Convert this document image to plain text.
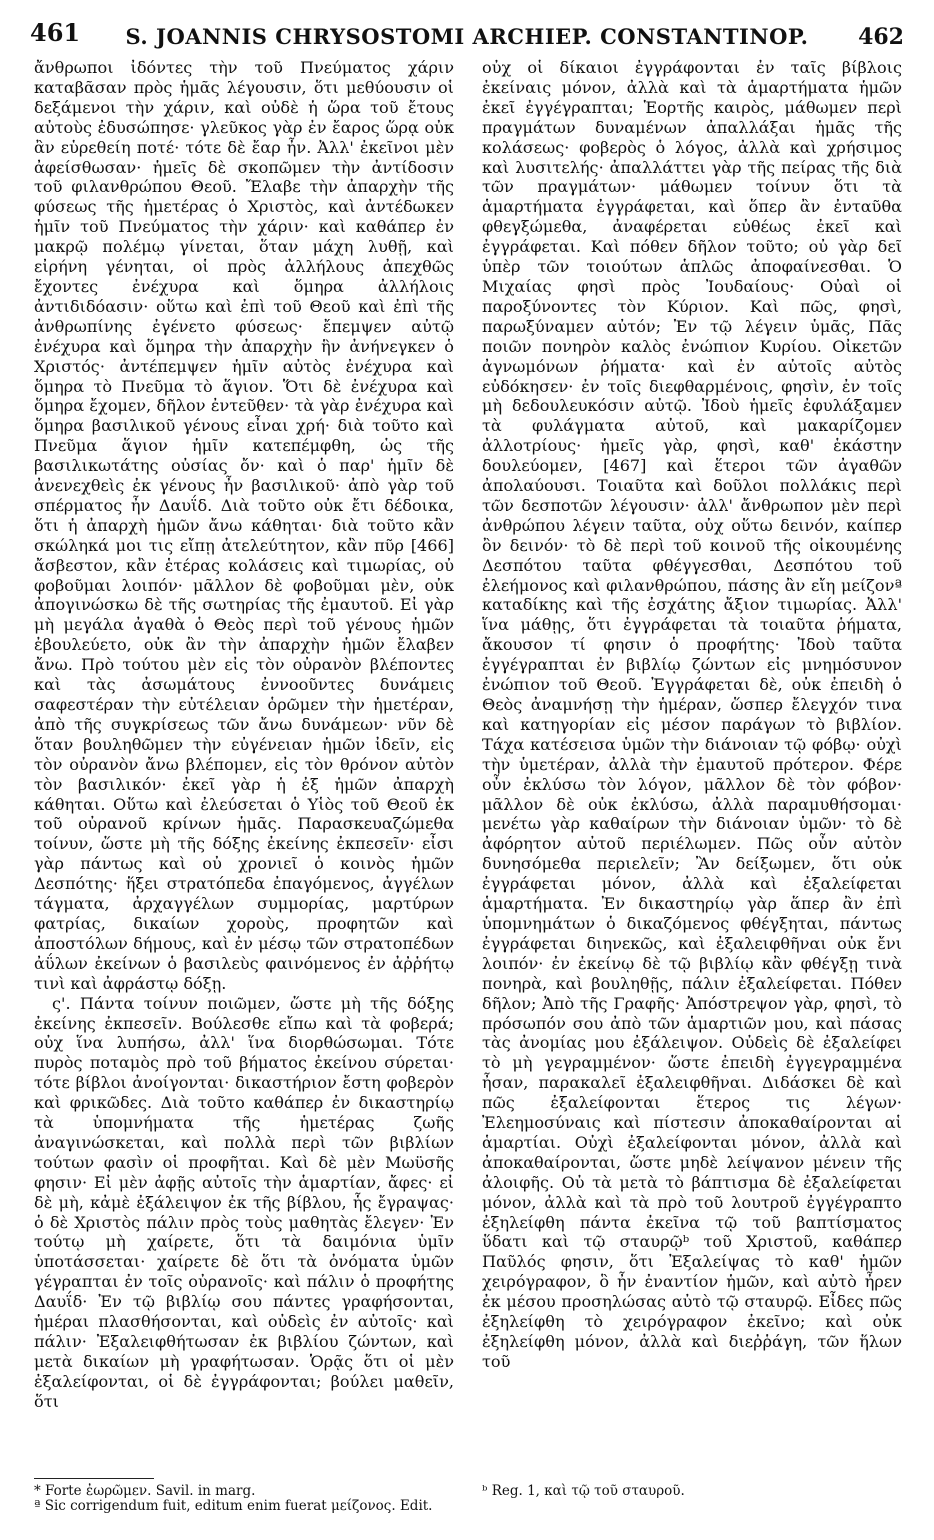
461	S. JOANNIS CHRYSOSTOMI ARCHIEP. CONSTANTINOP.	462

ἄνθρωποι ἰδόντες τὴν τοῦ Πνεύματος χάριν καταβᾶσαν πρὸς ἡμᾶς λέγουσιν, ὅτι μεθύουσιν οἱ δεξάμενοι τὴν χάριν, καὶ οὐδὲ ἡ ὥρα τοῦ ἔτους αὐτοὺς ἐδυσώπησε· γλεῦκος γὰρ ἐν ἔαρος ὥρᾳ οὐκ ἂν εὑρεθείη ποτέ· τότε δὲ ἔαρ ἦν. Ἀλλ' ἐκεῖνοι μὲν ἀφείσθωσαν· ἡμεῖς δὲ σκοπῶμεν τὴν ἀντίδοσιν τοῦ φιλανθρώπου Θεοῦ. Ἔλαβε τὴν ἀπαρχὴν τῆς φύσεως τῆς ἡμετέρας ὁ Χριστὸς, καὶ ἀντέδωκεν ἡμῖν τοῦ Πνεύματος τὴν χάριν· καὶ καθάπερ ἐν μακρῷ πολέμῳ γίνεται, ὅταν μάχη λυθῇ, καὶ εἰρήνη γένηται, οἱ πρὸς ἀλλήλους ἀπεχθῶς ἔχοντες ἐνέχυρα καὶ ὅμηρα ἀλλήλοις ἀντιδιδόασιν· οὕτω καὶ ἐπὶ τοῦ Θεοῦ καὶ ἐπὶ τῆς ἀνθρωπίνης ἐγένετο φύσεως· ἔπεμψεν αὐτῷ ἐνέχυρα καὶ ὅμηρα τὴν ἀπαρχὴν ἣν ἀνήνεγκεν ὁ Χριστός· ἀντέπεμψεν ἡμῖν αὐτὸς ἐνέχυρα καὶ ὅμηρα τὸ Πνεῦμα τὸ ἅγιον. Ὅτι δὲ ἐνέχυρα καὶ ὅμηρα ἔχομεν, δῆλον ἐντεῦθεν· τὰ γὰρ ἐνέχυρα καὶ ὅμηρα βασιλικοῦ γένους εἶναι χρή· διὰ τοῦτο καὶ Πνεῦμα ἅγιον ἡμῖν κατεπέμφθη, ὡς τῆς βασιλικωτάτης οὐσίας ὄν· καὶ ὁ παρ' ἡμῖν δὲ ἀνενεχθεὶς ἐκ γένους ἦν βασιλικοῦ· ἀπὸ γὰρ τοῦ σπέρματος ἦν Δαυΐδ. Διὰ τοῦτο οὐκ ἔτι δέδοικα, ὅτι ἡ ἀπαρχὴ ἡμῶν ἄνω κάθηται· διὰ τοῦτο κἂν σκώληκά μοι τις εἴπῃ ἀτελεύτητον, κἂν πῦρ [466] ἄσβεστον, κἂν ἑτέρας κολάσεις καὶ τιμωρίας, οὐ φοβοῦμαι λοιπόν· μᾶλλον δὲ φοβοῦμαι μὲν, οὐκ ἀπογινώσκω δὲ τῆς σωτηρίας τῆς ἐμαυτοῦ. Εἰ γὰρ μὴ μεγάλα ἀγαθὰ ὁ Θεὸς περὶ τοῦ γένους ἡμῶν ἐβουλεύετο, οὐκ ἂν τὴν ἀπαρχὴν ἡμῶν ἔλαβεν ἄνω. Πρὸ τούτου μὲν εἰς τὸν οὐρανὸν βλέποντες καὶ τὰς ἀσωμάτους ἐννοοῦντες δυνάμεις σαφεστέραν τὴν εὐτέλειαν ὁρῶμεν τὴν ἡμετέραν, ἀπὸ τῆς συγκρίσεως τῶν ἄνω δυνάμεων· νῦν δὲ ὅταν βουληθῶμεν τὴν εὐγένειαν ἡμῶν ἰδεῖν, εἰς τὸν οὐρανὸν ἄνω βλέπομεν, εἰς τὸν θρόνον αὐτὸν τὸν βασιλικόν· ἐκεῖ γὰρ ἡ ἐξ ἡμῶν ἀπαρχὴ κάθηται. Οὕτω καὶ ἐλεύσεται ὁ Υἱὸς τοῦ Θεοῦ ἐκ τοῦ οὐρανοῦ κρίνων ἡμᾶς. Παρασκευαζώμεθα τοίνυν, ὥστε μὴ τῆς δόξης ἐκείνης ἐκπεσεῖν· εἶσι γὰρ πάντως καὶ οὐ χρονιεῖ ὁ κοινὸς ἡμῶν Δεσπότης· ἥξει στρατόπεδα ἐπαγόμενος, ἀγγέλων τάγματα, ἀρχαγγέλων συμμορίας, μαρτύρων φατρίας, δικαίων χοροὺς, προφητῶν καὶ ἀποστόλων δήμους, καὶ ἐν μέσῳ τῶν στρατοπέδων ἀΰλων ἐκείνων ὁ βασιλεὺς φαινόμενος ἐν ἀῤῥήτῳ τινὶ καὶ ἀφράστῳ δόξῃ.

ς'. Πάντα τοίνυν ποιῶμεν, ὥστε μὴ τῆς δόξης ἐκείνης ἐκπεσεῖν. Βούλεσθε εἴπω καὶ τὰ φοβερά; οὐχ ἵνα λυπήσω, ἀλλ' ἵνα διορθώσωμαι. Τότε πυρὸς ποταμὸς πρὸ τοῦ βήματος ἐκείνου σύρεται· τότε βίβλοι ἀνοίγονται· δικαστήριον ἔστη φοβερὸν καὶ φρικῶδες. Διὰ τοῦτο καθάπερ ἐν δικαστηρίῳ τὰ ὑπομνήματα τῆς ἡμετέρας ζωῆς ἀναγινώσκεται, καὶ πολλὰ περὶ τῶν βιβλίων τούτων φασὶν οἱ προφῆται. Καὶ δὲ μὲν Μωϋσῆς φησιν· Εἰ μὲν ἀφῇς αὐτοῖς τὴν ἁμαρτίαν, ἄφες· εἰ δὲ μὴ, κἀμὲ ἐξάλειψον ἐκ τῆς βίβλου, ἧς ἔγραψας· ὁ δὲ Χριστὸς πάλιν πρὸς τοὺς μαθητὰς ἔλεγεν· Ἐν τούτῳ μὴ χαίρετε, ὅτι τὰ δαιμόνια ὑμῖν ὑποτάσσεται· χαίρετε δὲ ὅτι τὰ ὀνόματα ὑμῶν γέγραπται ἐν τοῖς οὐρανοῖς· καὶ πάλιν ὁ προφήτης Δαυΐδ· Ἐν τῷ βιβλίῳ σου πάντες γραφήσονται, ἡμέραι πλασθήσονται, καὶ οὐδεὶς ἐν αὐτοῖς· καὶ πάλιν· Ἐξαλειφθήτωσαν ἐκ βιβλίου ζώντων, καὶ μετὰ δικαίων μὴ γραφήτωσαν. Ὁρᾷς ὅτι οἱ μὲν ἐξαλείφονται, οἱ δὲ ἐγγράφονται; βούλει μαθεῖν, ὅτι

οὐχ οἱ δίκαιοι ἐγγράφονται ἐν ταῖς βίβλοις ἐκείναις μόνον, ἀλλὰ καὶ τὰ ἁμαρτήματα ἡμῶν ἐκεῖ ἐγγέγραπται; Ἑορτῆς καιρὸς, μάθωμεν περὶ πραγμάτων δυναμένων ἀπαλλάξαι ἡμᾶς τῆς κολάσεως· φοβερὸς ὁ λόγος, ἀλλὰ καὶ χρήσιμος καὶ λυσιτελής· ἀπαλλάττει γὰρ τῆς πείρας τῆς διὰ τῶν πραγμάτων· μάθωμεν τοίνυν ὅτι τὰ ἁμαρτήματα ἐγγράφεται, καὶ ὅπερ ἂν ἐνταῦθα φθεγξώμεθα, ἀναφέρεται εὐθέως ἐκεῖ καὶ ἐγγράφεται. Καὶ πόθεν δῆλον τοῦτο; οὐ γὰρ δεῖ ὑπὲρ τῶν τοιούτων ἁπλῶς ἀποφαίνεσθαι. Ὁ Μιχαίας φησὶ πρὸς Ἰουδαίους· Οὐαὶ οἱ παροξύνοντες τὸν Κύριον. Καὶ πῶς, φησὶ, παρωξύναμεν αὐτόν; Ἐν τῷ λέγειν ὑμᾶς, Πᾶς ποιῶν πονηρὸν καλὸς ἐνώπιον Κυρίου. Οἰκετῶν ἀγνωμόνων ῥήματα· καὶ ἐν αὐτοῖς αὐτὸς εὐδόκησεν· ἐν τοῖς διεφθαρμένοις, φησὶν, ἐν τοῖς μὴ δεδουλευκόσιν αὐτῷ. Ἰδοὺ ἡμεῖς ἐφυλάξαμεν τὰ φυλάγματα αὐτοῦ, καὶ μακαρίζομεν ἀλλοτρίους· ἡμεῖς γὰρ, φησὶ, καθ' ἑκάστην δουλεύομεν, [467] καὶ ἕτεροι τῶν ἀγαθῶν ἀπολαύουσι. Τοιαῦτα καὶ δοῦλοι πολλάκις περὶ τῶν δεσποτῶν λέγουσιν· ἀλλ' ἄνθρωπον μὲν περὶ ἀνθρώπου λέγειν ταῦτα, οὐχ οὕτω δεινόν, καίπερ ὂν δεινόν· τὸ δὲ περὶ τοῦ κοινοῦ τῆς οἰκουμένης Δεσπότου ταῦτα φθέγγεσθαι, Δεσπότου τοῦ ἐλεήμονος καὶ φιλανθρώπου, πάσης ἂν εἴη μείζονª καταδίκης καὶ τῆς ἐσχάτης ἄξιον τιμωρίας. Ἀλλ' ἵνα μάθῃς, ὅτι ἐγγράφεται τὰ τοιαῦτα ῥήματα, ἄκουσον τί φησιν ὁ προφήτης· Ἰδοὺ ταῦτα ἐγγέγραπται ἐν βιβλίῳ ζώντων εἰς μνημόσυνον ἐνώπιον τοῦ Θεοῦ. Ἐγγράφεται δὲ, οὐκ ἐπειδὴ ὁ Θεὸς ἀναμνήσῃ τὴν ἡμέραν, ὥσπερ ἔλεγχόν τινα καὶ κατηγορίαν εἰς μέσον παράγων τὸ βιβλίον. Τάχα κατέσεισα ὑμῶν τὴν διάνοιαν τῷ φόβῳ· οὐχὶ τὴν ὑμετέραν, ἀλλὰ τὴν ἐμαυτοῦ πρότερον. Φέρε οὖν ἐκλύσω τὸν λόγον, μᾶλλον δὲ τὸν φόβον· μᾶλλον δὲ οὐκ ἐκλύσω, ἀλλὰ παραμυθήσομαι· μενέτω γὰρ καθαίρων τὴν διάνοιαν ὑμῶν· τὸ δὲ ἀφόρητον αὐτοῦ περιέλωμεν. Πῶς οὖν αὐτὸν δυνησόμεθα περιελεῖν; Ἂν δείξωμεν, ὅτι οὐκ ἐγγράφεται μόνον, ἀλλὰ καὶ ἐξαλείφεται ἁμαρτήματα. Ἐν δικαστηρίῳ γὰρ ἅπερ ἂν ἐπὶ ὑπομνημάτων ὁ δικαζόμενος φθέγξηται, πάντως ἐγγράφεται διηνεκῶς, καὶ ἐξαλειφθῆναι οὐκ ἔνι λοιπόν· ἐν ἐκείνῳ δὲ τῷ βιβλίῳ κἂν φθέγξῃ τινὰ πονηρὰ, καὶ βουληθῇς, πάλιν ἐξαλείφεται. Πόθεν δῆλον; Ἀπὸ τῆς Γραφῆς· Ἀπόστρεψον γὰρ, φησὶ, τὸ πρόσωπόν σου ἀπὸ τῶν ἁμαρτιῶν μου, καὶ πάσας τὰς ἀνομίας μου ἐξάλειψον. Οὐδεὶς δὲ ἐξαλείφει τὸ μὴ γεγραμμένον· ὥστε ἐπειδὴ ἐγγεγραμμένα ἦσαν, παρακαλεῖ ἐξαλειφθῆναι. Διδάσκει δὲ καὶ πῶς ἐξαλείφονται ἕτερος τις λέγων· Ἐλεημοσύναις καὶ πίστεσιν ἀποκαθαίρονται αἱ ἁμαρτίαι. Οὐχὶ ἐξαλείφονται μόνον, ἀλλὰ καὶ ἀποκαθαίρονται, ὥστε μηδὲ λείψανον μένειν τῆς ἀλοιφῆς. Οὐ τὰ μετὰ τὸ βάπτισμα δὲ ἐξαλείφεται μόνον, ἀλλὰ καὶ τὰ πρὸ τοῦ λουτροῦ ἐγγέγραπτο ἐξηλείφθη πάντα ἐκεῖνα τῷ τοῦ βαπτίσματος ὕδατι καὶ τῷ σταυρῷᵇ τοῦ Χριστοῦ, καθάπερ Παῦλός φησιν, ὅτι Ἐξαλείψας τὸ καθ' ἡμῶν χειρόγραφον, ὃ ἦν ἐναντίον ἡμῶν, καὶ αὐτὸ ἦρεν ἐκ μέσου προσηλώσας αὐτὸ τῷ σταυρῷ. Εἶδες πῶς ἐξηλείφθη τὸ χειρόγραφον ἐκεῖνο; καὶ οὐκ ἐξηλείφθη μόνον, ἀλλὰ καὶ διεῤῥάγη, τῶν ἥλων τοῦ

* Forte ἐωρῶμεν. Savil. in marg.
ª Sic corrigendum fuit, editum enim fuerat μείζονος. Edit.
ᵇ Reg. 1, καὶ τῷ τοῦ σταυροῦ.
